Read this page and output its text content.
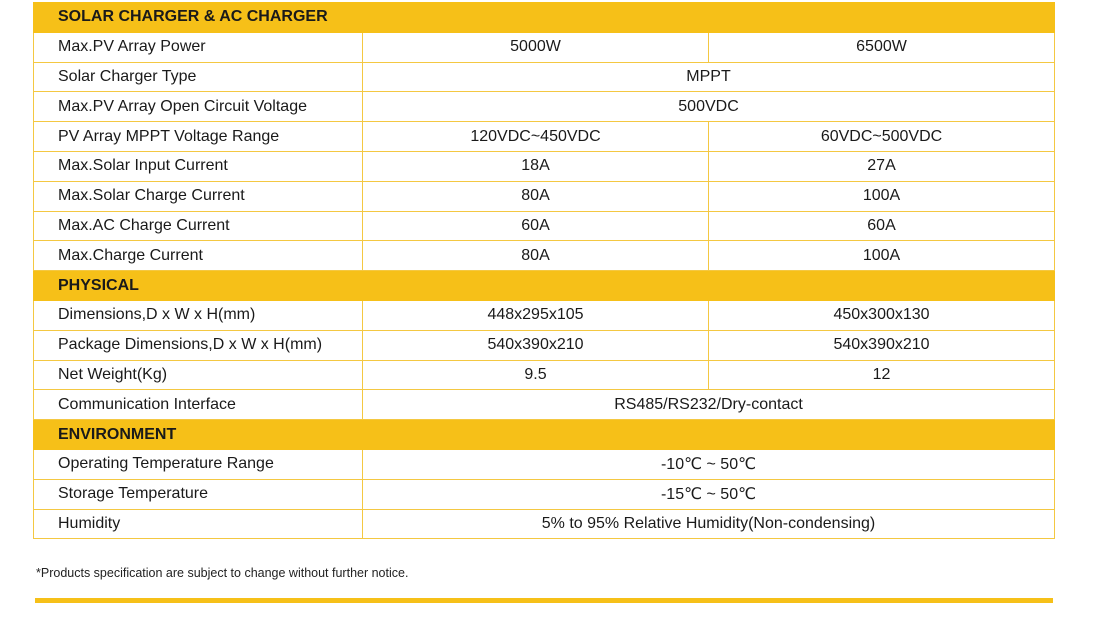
SOLAR CHARGER & AC CHARGER		
Max.PV Array Power	5000W	6500W
Solar Charger Type	MPPT	
Max.PV Array Open Circuit Voltage	500VDC	
PV Array MPPT Voltage Range	120VDC~450VDC	60VDC~500VDC
Max.Solar Input Current	18A	27A
Max.Solar Charge Current	80A	100A
Max.AC Charge Current	60A	60A
Max.Charge Current	80A	100A
PHYSICAL		
Dimensions,D x W x H(mm)	448x295x105	450x300x130
Package Dimensions,D x W x H(mm)	540x390x210	540x390x210
Net Weight(Kg)	9.5	12
Communication Interface	RS485/RS232/Dry-contact	
ENVIRONMENT		
Operating Temperature Range	-10℃ ~ 50℃	
Storage Temperature	-15℃ ~ 50℃	
Humidity	5% to 95% Relative Humidity(Non-condensing)	
*Products specification are subject to change without further notice.
